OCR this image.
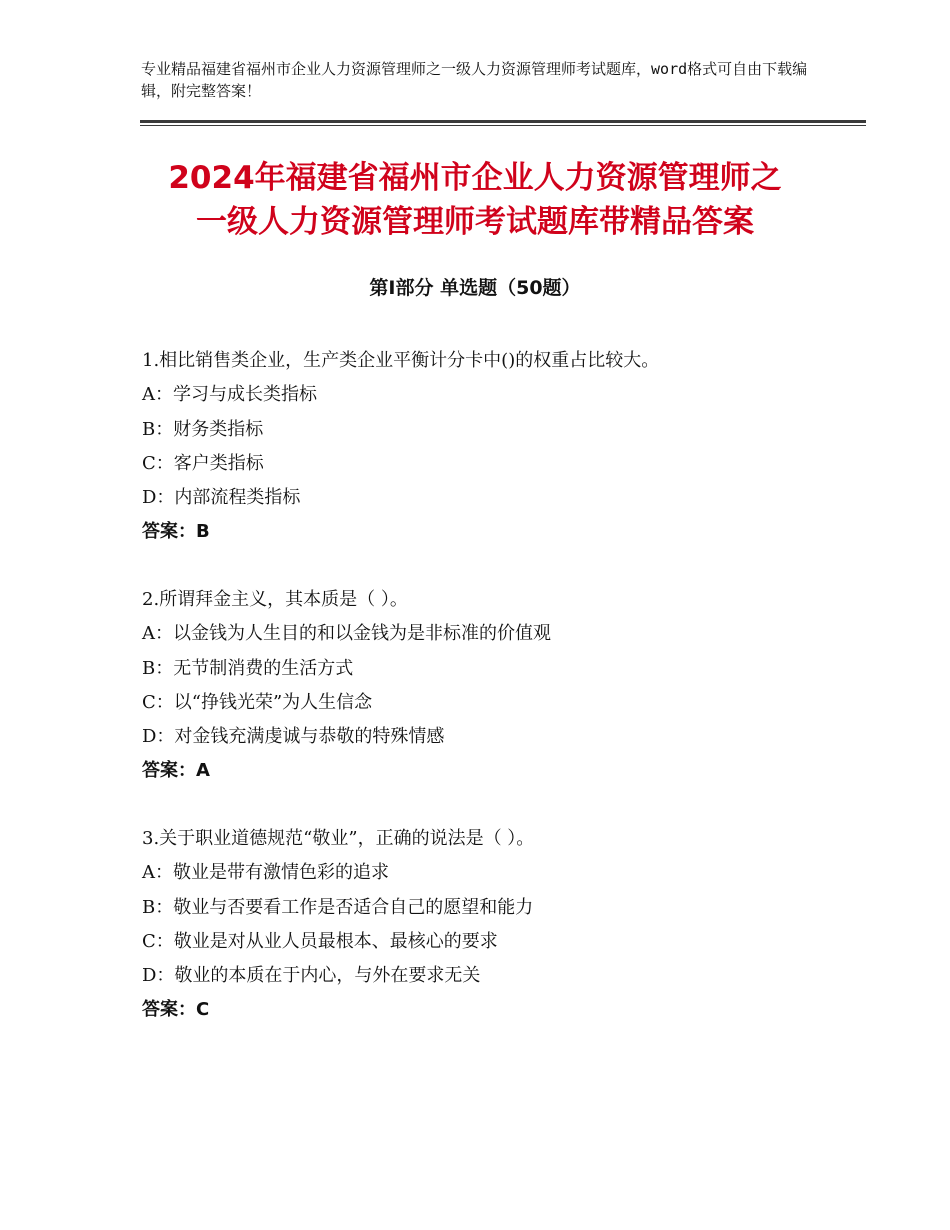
专业精品福建省福州市企业人力资源管理师之一级人力资源管理师考试题库，word格式可自由下载编辑，附完整答案！
2024年福建省福州市企业人力资源管理师之
一级人力资源管理师考试题库带精品答案
第Ⅰ部分 单选题（50题）
1.相比销售类企业，生产类企业平衡计分卡中()的权重占比较大。
A：学习与成长类指标
B：财务类指标
C：客户类指标
D：内部流程类指标
答案：B
2.所谓拜金主义，其本质是（ ）。
A：以金钱为人生目的和以金钱为是非标准的价值观
B：无节制消费的生活方式
C：以“挣钱光荣”为人生信念
D：对金钱充满虔诚与恭敬的特殊情感
答案：A
3.关于职业道德规范“敬业”，正确的说法是（ ）。
A：敬业是带有激情色彩的追求
B：敬业与否要看工作是否适合自己的愿望和能力
C：敬业是对从业人员最根本、最核心的要求
D：敬业的本质在于内心，与外在要求无关
答案：C
